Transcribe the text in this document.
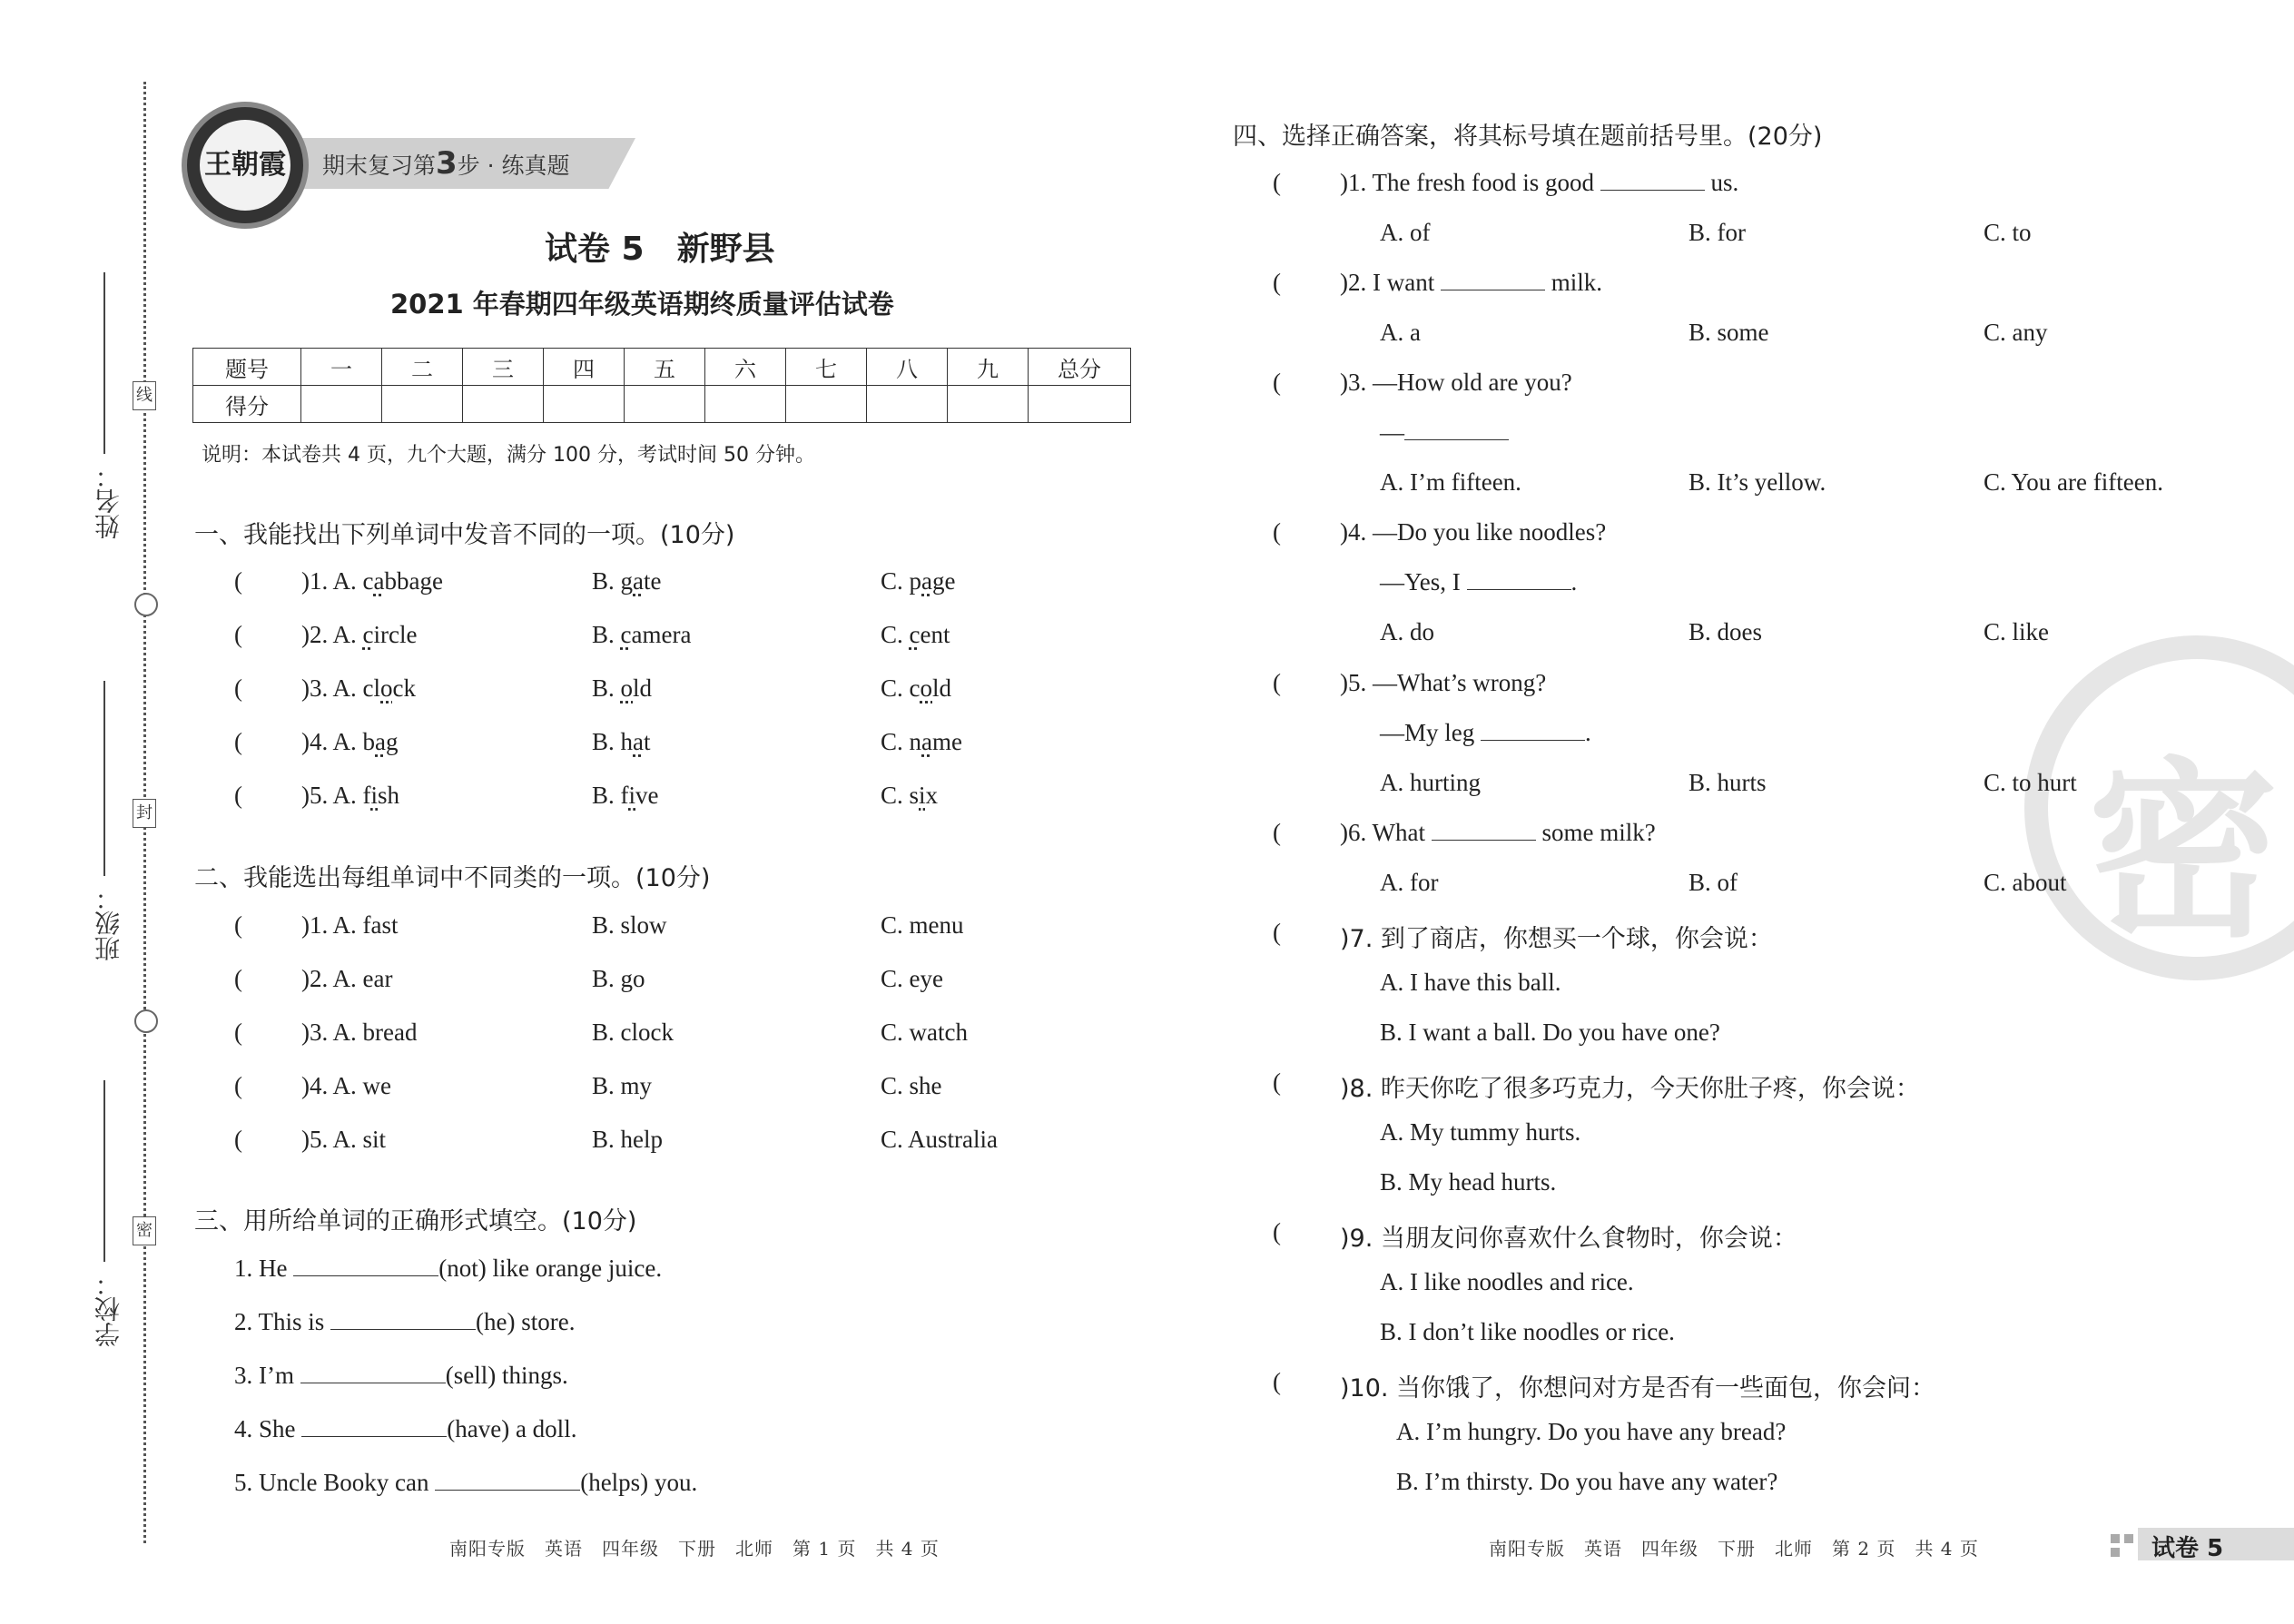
姓名：
班级：
学校：
线
封
密
期末复习第3步 · 练真题
王朝霞
试卷 5　新野县
2021 年春期四年级英语期终质量评估试卷
题号	一	二	三	四	五	六	七	八	九	总分
得分										
说明：本试卷共 4 页，九个大题，满分 100 分，考试时间 50 分钟。
一、我能找出下列单词中发音不同的一项。(10分)
( )1. A. cabbage	B. gate	C. page
( )2. A. circle	B. camera	C. cent
( )3. A. clock	B. old	C. cold
( )4. A. bag	B. hat	C. name
( )5. A. fish	B. five	C. six
二、我能选出每组单词中不同类的一项。(10分)
( )1. A. fast	B. slow	C. menu
( )2. A. ear	B. go	C. eye
( )3. A. bread	B. clock	C. watch
( )4. A. we	B. my	C. she
( )5. A. sit	B. help	C. Australia
三、用所给单词的正确形式填空。(10分)
1. He	(not) like orange juice.
2. This is	(he) store.
3. I’m	(sell) things.
4. She	(have) a doll.
5. Uncle Booky can	(helps) you.
密
四、选择正确答案，将其标号填在题前括号里。(20分)
( )1. The fresh food is good	us.
A. of	B. for	C. to
( )2. I want	milk.
A. a	B. some	C. any
( )3. —How old are you?
—
A. I’m fifteen.	B. It’s yellow.	C. You are fifteen.
( )4. —Do you like noodles?
—Yes, I	.
A. do	B. does	C. like
( )5. —What’s wrong?
—My leg	.
A. hurting	B. hurts	C. to hurt
( )6. What	some milk?
A. for	B. of	C. about
( )7. 到了商店，你想买一个球，你会说：
A. I have this ball.
B. I want a ball. Do you have one?
( )8. 昨天你吃了很多巧克力，今天你肚子疼，你会说：
A. My tummy hurts.
B. My head hurts.
( )9. 当朋友问你喜欢什么食物时，你会说：
A. I like noodles and rice.
B. I don’t like noodles or rice.
( )10. 当你饿了，你想问对方是否有一些面包，你会问：
A. I’m hungry. Do you have any bread?
B. I’m thirsty. Do you have any water?
南阳专版　英语　四年级　下册　北师　第 1 页　共 4 页	南阳专版　英语　四年级　下册　北师　第 2 页　共 4 页	试卷 5
